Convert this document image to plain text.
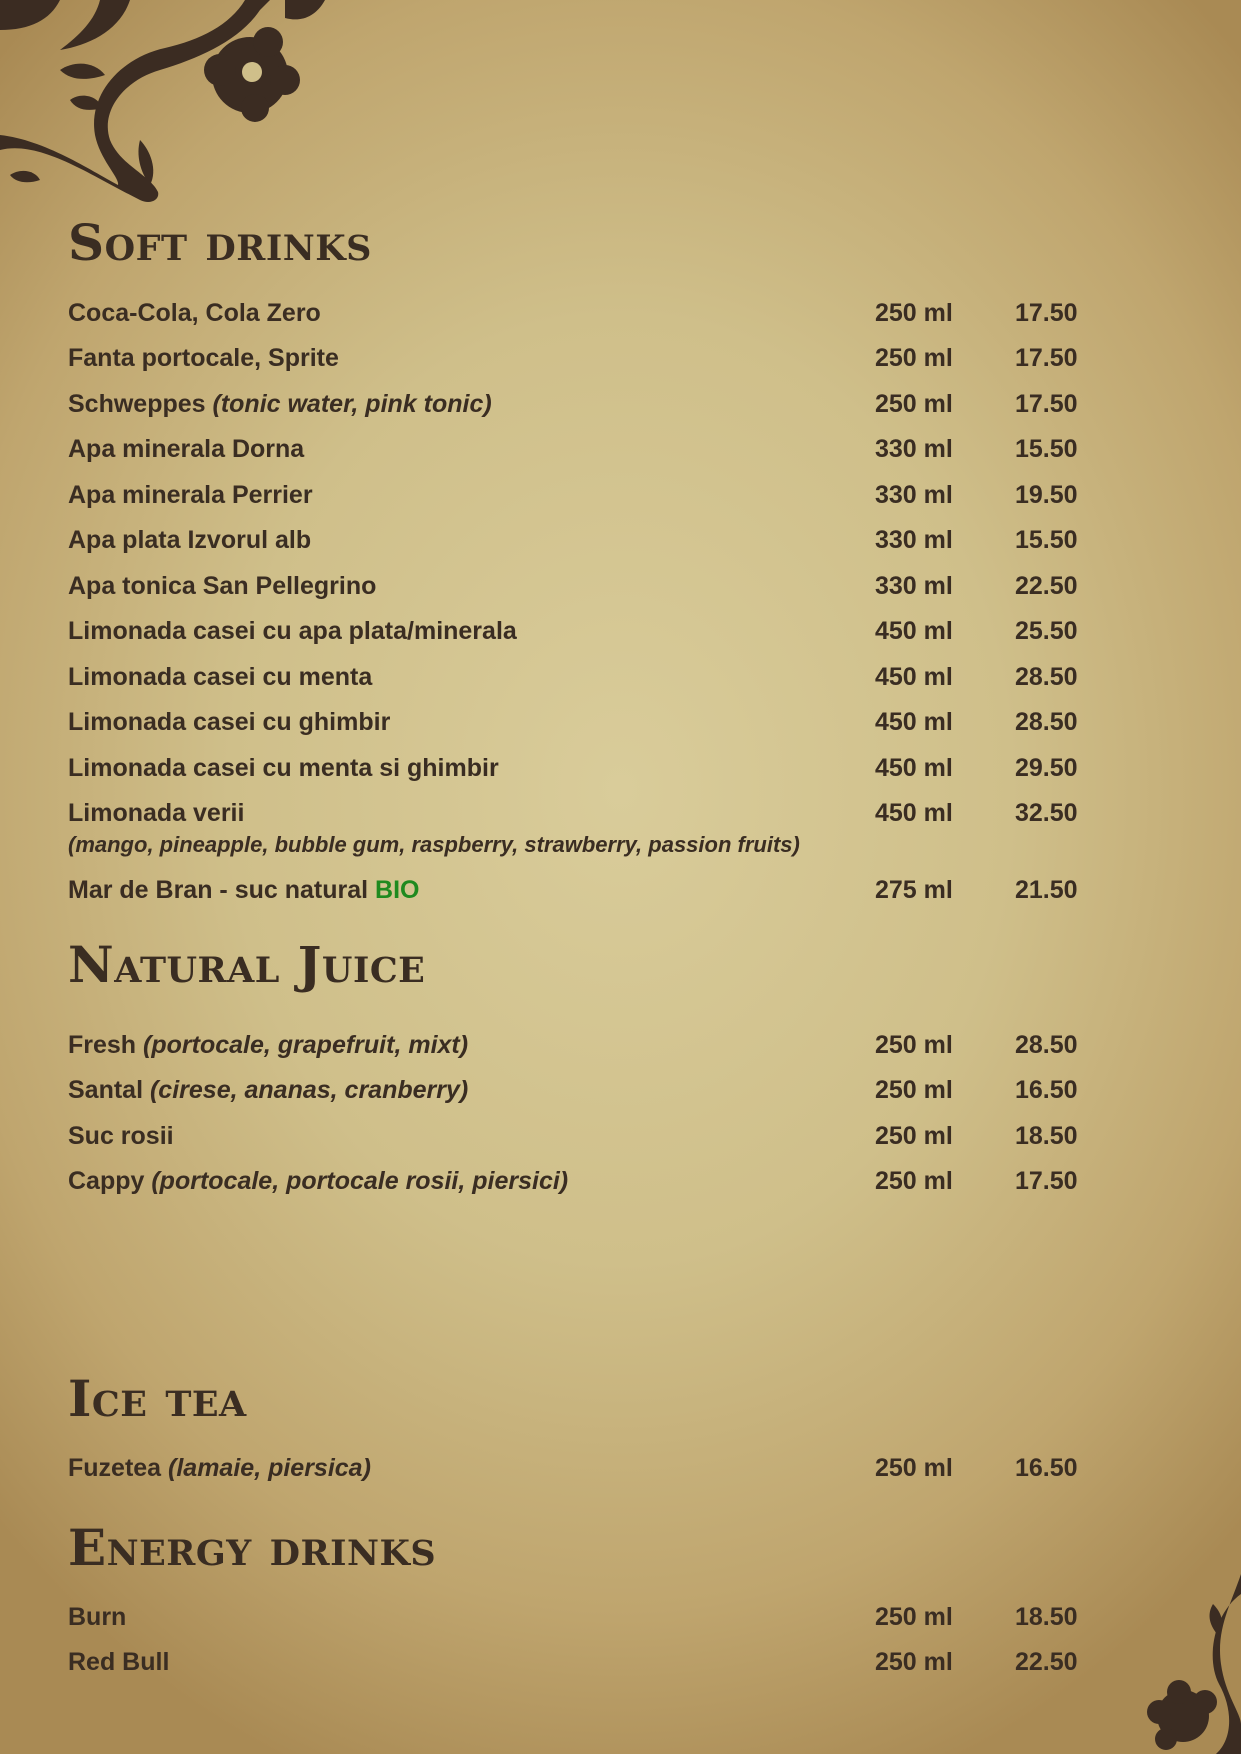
Soft drinks
Coca-Cola, Cola Zero	250 ml 17.50
Fanta portocale, Sprite	250 ml 17.50
Schweppes (tonic water, pink tonic)	250 ml 17.50
Apa minerala Dorna	330 ml 15.50
Apa minerala Perrier	330 ml 19.50
Apa plata Izvorul alb	330 ml 15.50
Apa tonica San Pellegrino	330 ml 22.50
Limonada casei cu apa plata/minerala	450 ml 25.50
Limonada casei cu menta	450 ml 28.50
Limonada casei cu ghimbir	450 ml 28.50
Limonada casei cu menta si ghimbir	450 ml 29.50
Limonada verii	450 ml 32.50
(mango, pineapple, bubble gum, raspberry, strawberry, passion fruits)
Mar de Bran - suc natural BIO	275 ml 21.50
Natural Juice
Fresh (portocale, grapefruit, mixt)	250 ml 28.50
Santal (cirese, ananas, cranberry)	250 ml 16.50
Suc rosii	250 ml 18.50
Cappy (portocale, portocale rosii, piersici)	250 ml 17.50
Ice tea
Fuzetea (lamaie, piersica)	250 ml 16.50
Energy drinks
Burn	250 ml 18.50
Red Bull	250 ml 22.50
